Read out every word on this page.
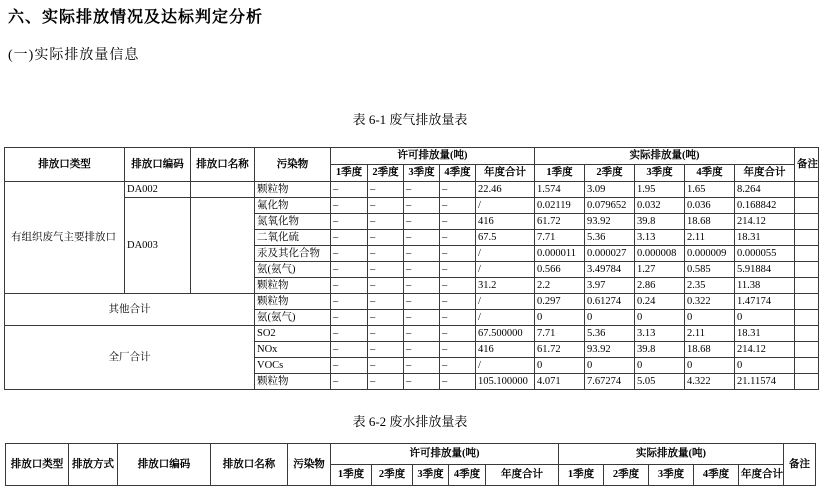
六、实际排放情况及达标判定分析
(一)实际排放量信息
表 6-1 废气排放量表
排放口类型	排放口编码	排放口名称	污染物	许可排放量(吨)					实际排放量(吨)					备注
				1季度	2季度	3季度	4季度	年度合计	1季度	2季度	3季度	4季度	年度合计	
有组织废气主要排放口	DA002		颗粒物	–	–	–	–	22.46	1.574	3.09	1.95	1.65	8.264	
	DA003		氟化物	–	–	–	–	/	0.02119	0.079652	0.032	0.036	0.168842	
			氮氧化物	–	–	–	–	416	61.72	93.92	39.8	18.68	214.12	
			二氧化硫	–	–	–	–	67.5	7.71	5.36	3.13	2.11	18.31	
			汞及其化合物	–	–	–	–	/	0.000011	0.000027	0.000008	0.000009	0.000055	
			氨(氨气)	–	–	–	–	/	0.566	3.49784	1.27	0.585	5.91884	
			颗粒物	–	–	–	–	31.2	2.2	3.97	2.86	2.35	11.38	
其他合计			颗粒物	–	–	–	–	/	0.297	0.61274	0.24	0.322	1.47174	
			氨(氨气)	–	–	–	–	/	0	0	0	0	0	
全厂合计			SO2	–	–	–	–	67.500000	7.71	5.36	3.13	2.11	18.31	
			NOx	–	–	–	–	416	61.72	93.92	39.8	18.68	214.12	
			VOCs	–	–	–	–	/	0	0	0	0	0	
			颗粒物	–	–	–	–	105.100000	4.071	7.67274	5.05	4.322	21.11574	
表 6-2 废水排放量表
排放口类型	排放方式	排放口编码	排放口名称	污染物	许可排放量(吨)					实际排放量(吨)					备注
					1季度	2季度	3季度	4季度	年度合计	1季度	2季度	3季度	4季度	年度合计	
